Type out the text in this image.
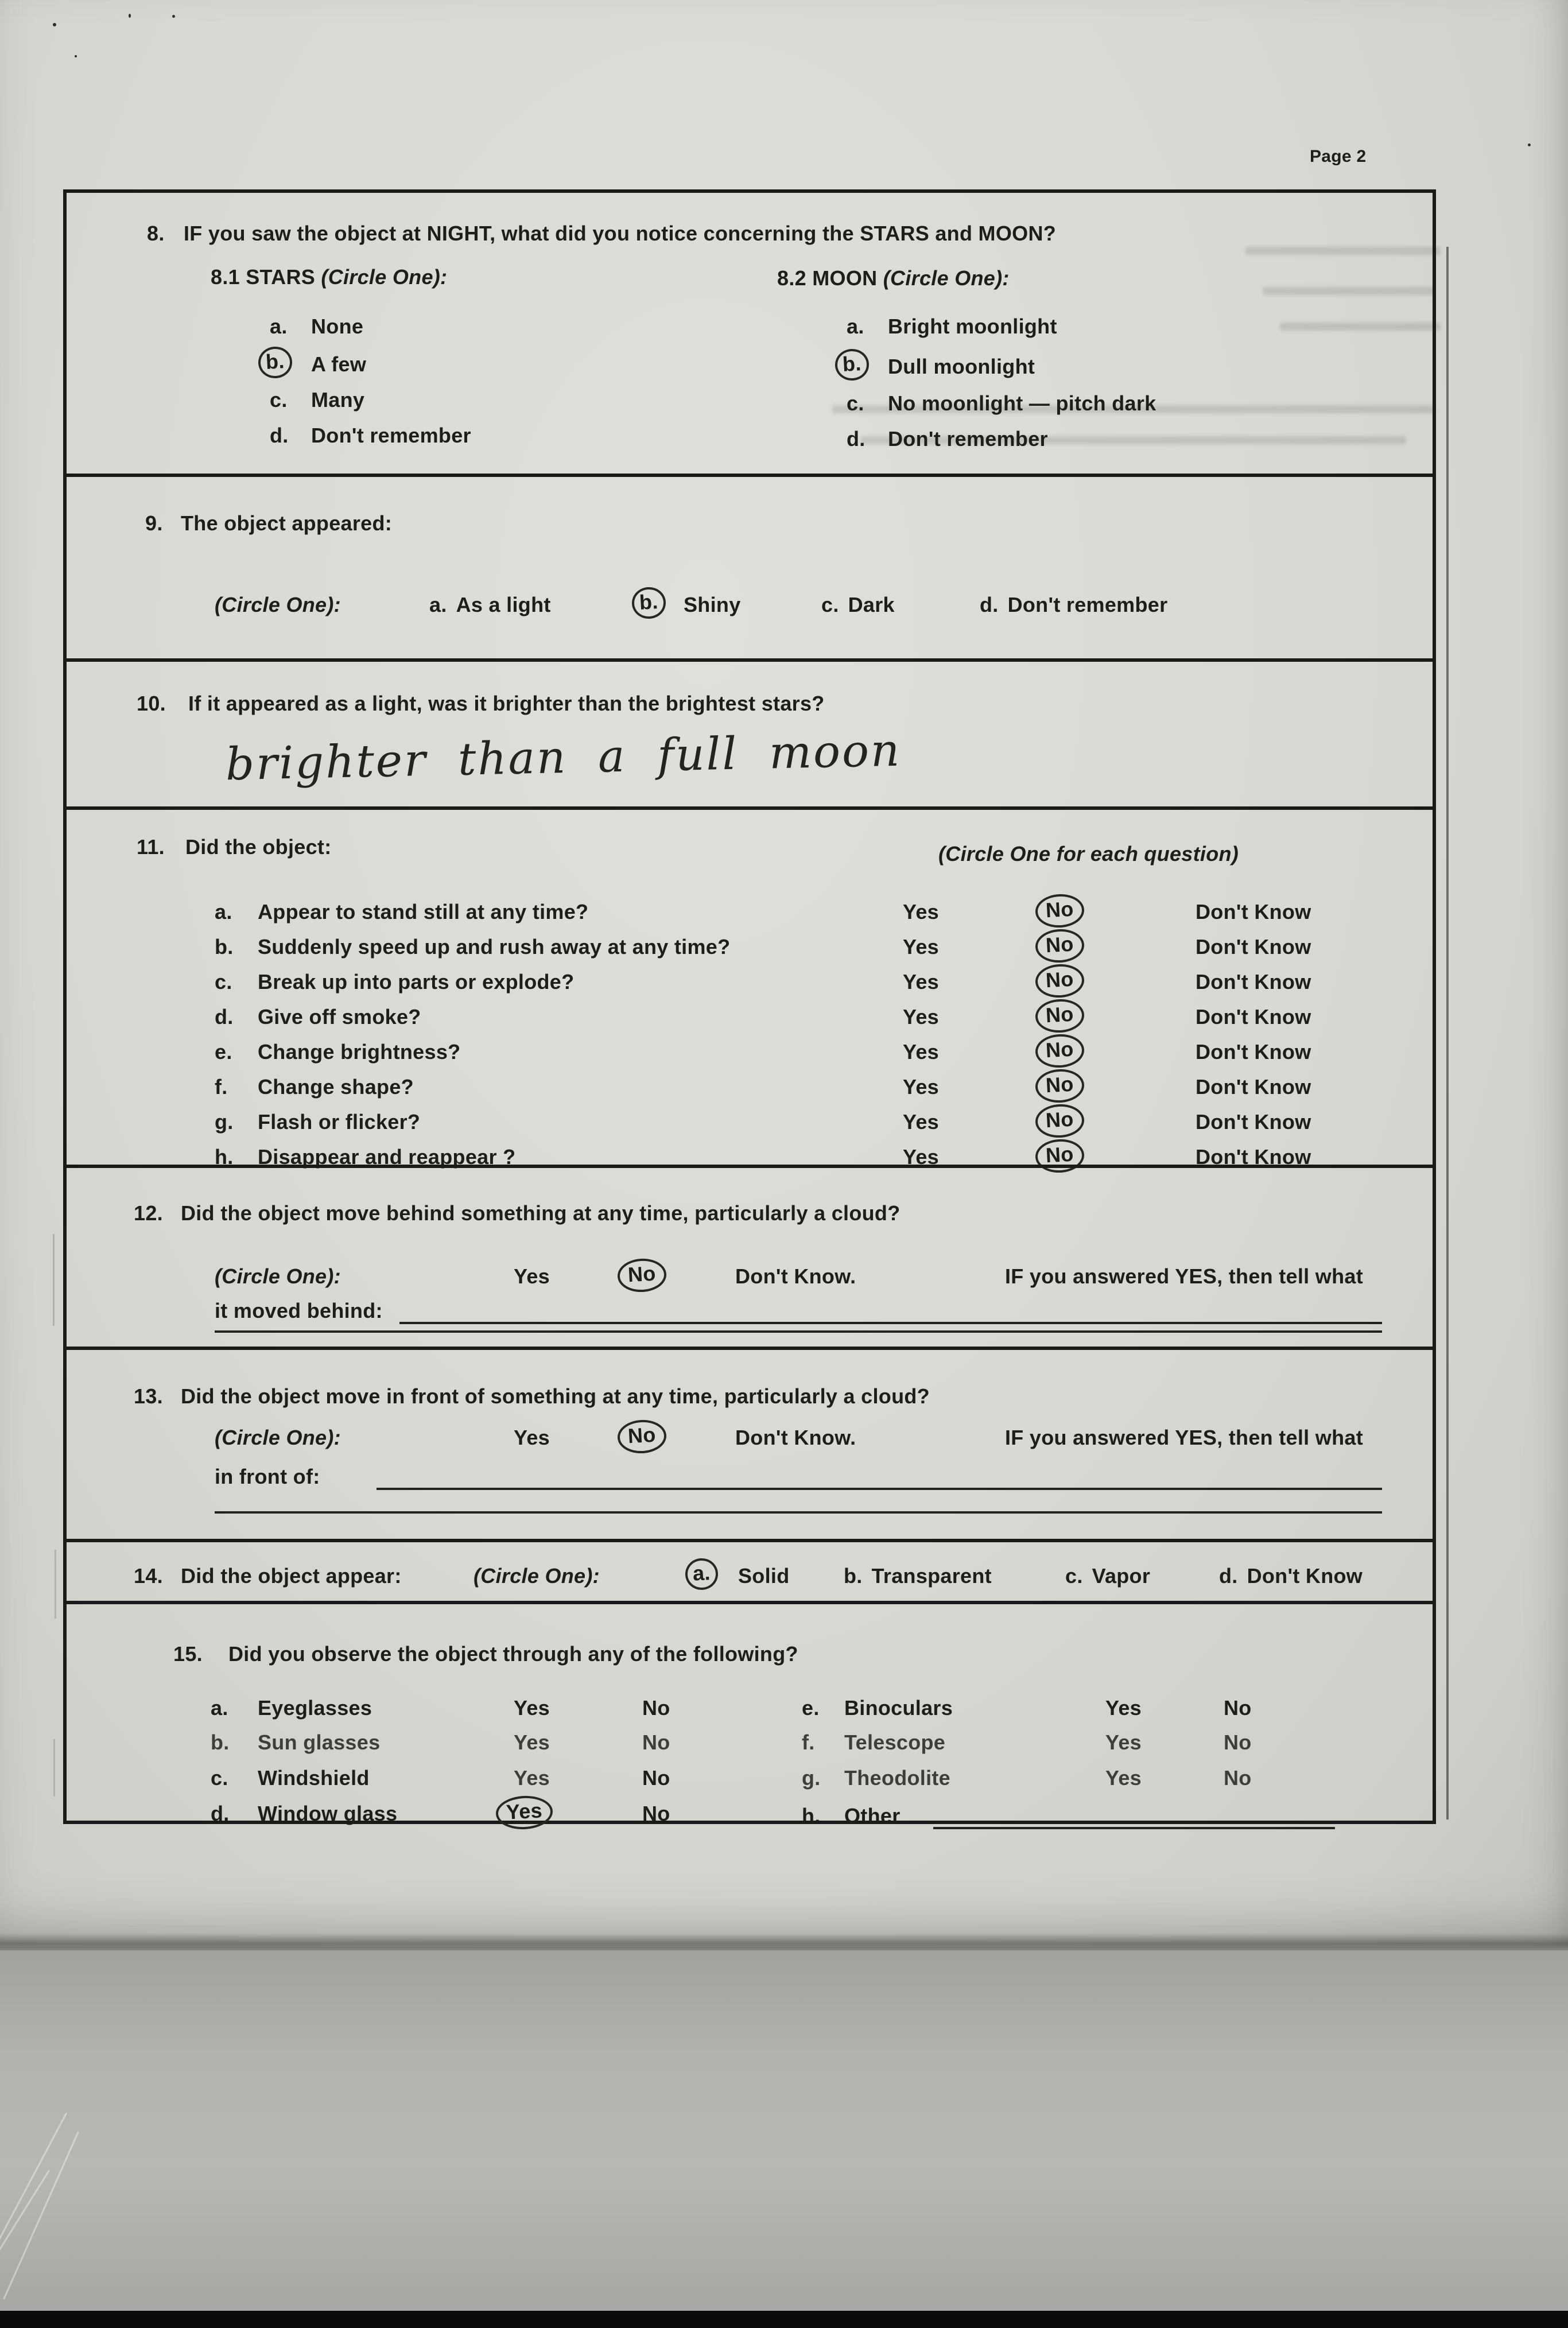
Page 2
8. IF you saw the object at NIGHT, what did you notice concerning the STARS and MOON?
8.1 STARS (Circle One):	8.2 MOON (Circle One):
a. None
b.	A few
c. Many
d. Don't remember
a. Bright moonlight
b.	Dull moonlight
c. No moonlight — pitch dark
d. Don't remember
9. The object appeared:
(Circle One):	a. As a light	b.	Shiny	c. Dark	d. Don't remember
10. If it appeared as a light, was it brighter than the brightest stars?
brighter than a full moon
11. Did the object:	(Circle One for each question)
a. Appear to stand still at any time?	Yes	No	Don't Know
b. Suddenly speed up and rush away at any time?	Yes	No	Don't Know
c. Break up into parts or explode?	Yes	No	Don't Know
d. Give off smoke?	Yes	No	Don't Know
e. Change brightness?	Yes	No	Don't Know
f. Change shape?	Yes	No	Don't Know
g. Flash or flicker?	Yes	No	Don't Know
h. Disappear and reappear ?	Yes	No	Don't Know
12. Did the object move behind something at any time, particularly a cloud?
(Circle One):	Yes	No	Don't Know.	IF you answered YES, then tell what
it moved behind:
13. Did the object move in front of something at any time, particularly a cloud?
(Circle One):	Yes	No	Don't Know.	IF you answered YES, then tell what
in front of:
14. Did the object appear:	(Circle One):	a.	Solid	b. Transparent	c. Vapor	d. Don't Know
15. Did you observe the object through any of the following?
a. Eyeglasses	Yes	No
b. Sun glasses	Yes	No
c. Windshield	Yes	No
d. Window glass	Yes	No
e. Binoculars	Yes	No
f. Telescope	Yes	No
g. Theodolite	Yes	No
h. Other
